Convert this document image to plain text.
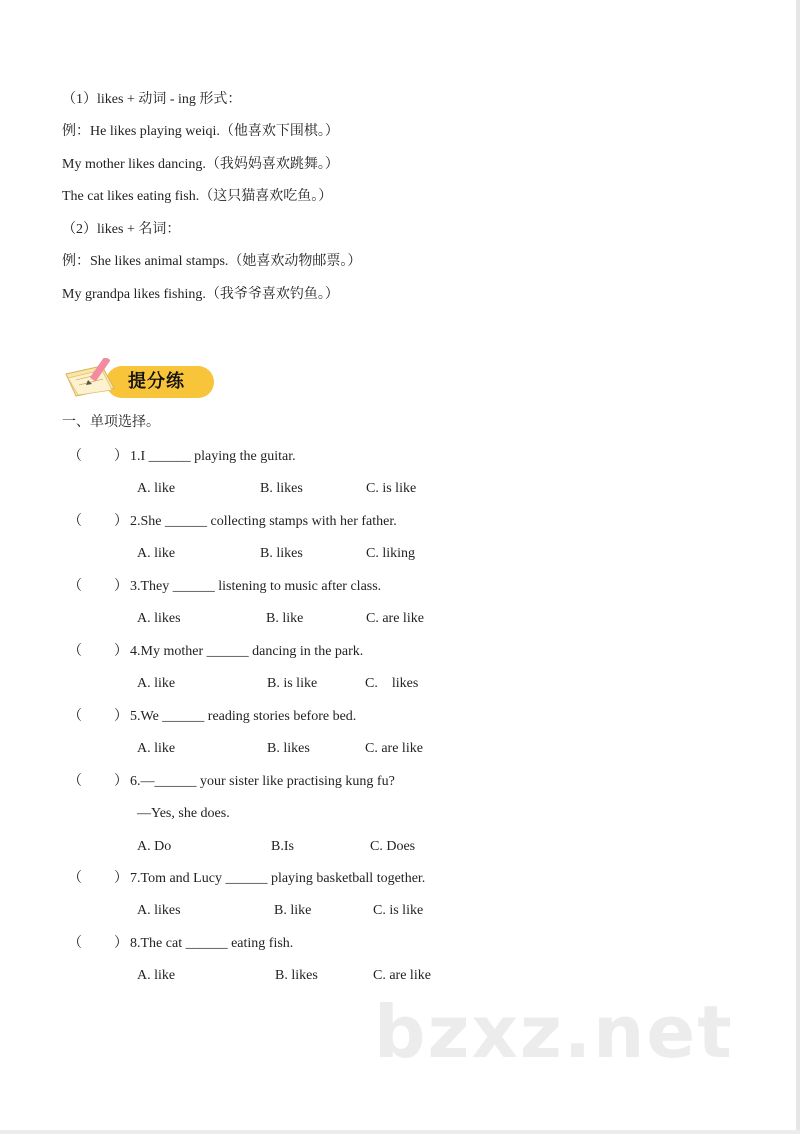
（1）likes + 动词 - ing 形式：
例：He likes playing weiqi.（他喜欢下围棋。）
My mother likes dancing.（我妈妈喜欢跳舞。）
The cat likes eating fish.（这只猫喜欢吃鱼。）
（2）likes + 名词：
例：She likes animal stamps.（她喜欢动物邮票。）
My grandpa likes fishing.（我爷爷喜欢钓鱼。）
提分练
一、单项选择。
（ ） 1.I ______ playing the guitar.
A. like	B. likes	C. is like
（ ） 2.She ______ collecting stamps with her father.
A. like	B. likes	C. liking
（ ） 3.They ______ listening to music after class.
A. likes	B. like	C. are like
（ ） 4.My mother ______ dancing in the park.
A. like	B. is like	C.    likes
（ ） 5.We ______ reading stories before bed.
A. like	B. likes	C. are like
（ ） 6.—______ your sister like practising kung fu?
—Yes, she does.
A. Do	B.Is	C. Does
（ ） 7.Tom and Lucy ______ playing basketball together.
A. likes	B. like	C. is like
（ ） 8.The cat ______ eating fish.
A. like	B. likes	C. are like
bzxz.net
